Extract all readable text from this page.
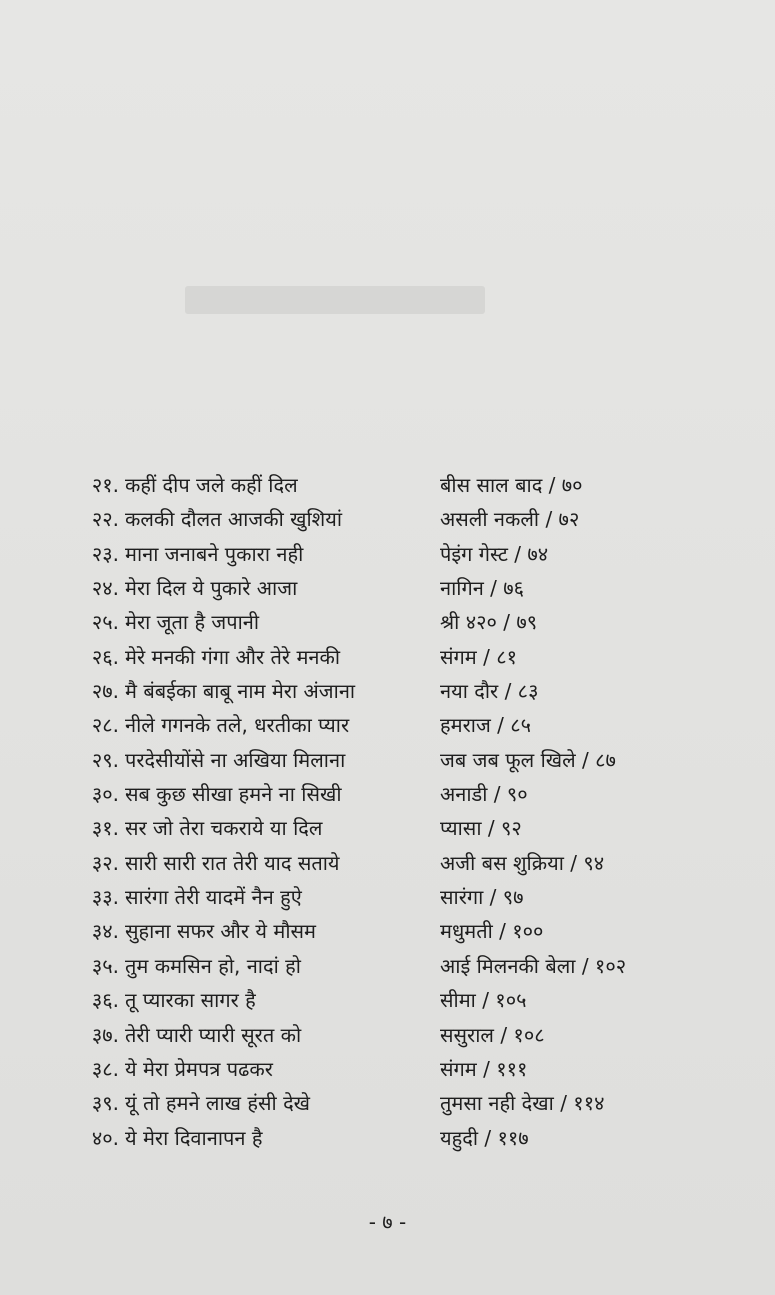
२१. कहीं दीप जले कहीं दिल	बीस साल बाद / ७०
२२. कलकी दौलत आजकी खुशियां	असली नकली / ७२
२३. माना जनाबने पुकारा नही	पेइंग गेस्ट / ७४
२४. मेरा दिल ये पुकारे आजा	नागिन / ७६
२५. मेरा जूता है जपानी	श्री ४२० / ७९
२६. मेरे मनकी गंगा और तेरे मनकी	संगम / ८१
२७. मै बंबईका बाबू नाम मेरा अंजाना	नया दौर / ८३
२८. नीले गगनके तले, धरतीका प्यार	हमराज / ८५
२९. परदेसीयोंसे ना अखिया मिलाना	जब जब फूल खिले / ८७
३०. सब कुछ सीखा हमने ना सिखी	अनाडी / ९०
३१. सर जो तेरा चकराये या दिल	प्यासा / ९२
३२. सारी सारी रात तेरी याद सताये	अजी बस शुक्रिया / ९४
३३. सारंगा तेरी यादमें नैन हुऐ	सारंगा / ९७
३४. सुहाना सफर और ये मौसम	मधुमती / १००
३५. तुम कमसिन हो, नादां हो	आई मिलनकी बेला / १०२
३६. तू प्यारका सागर है	सीमा / १०५
३७. तेरी प्यारी प्यारी सूरत को	ससुराल / १०८
३८. ये मेरा प्रेमपत्र पढकर	संगम / १११
३९. यूं तो हमने लाख हंसी देखे	तुमसा नही देखा / ११४
४०. ये मेरा दिवानापन है	यहुदी / ११७
- ७ -
